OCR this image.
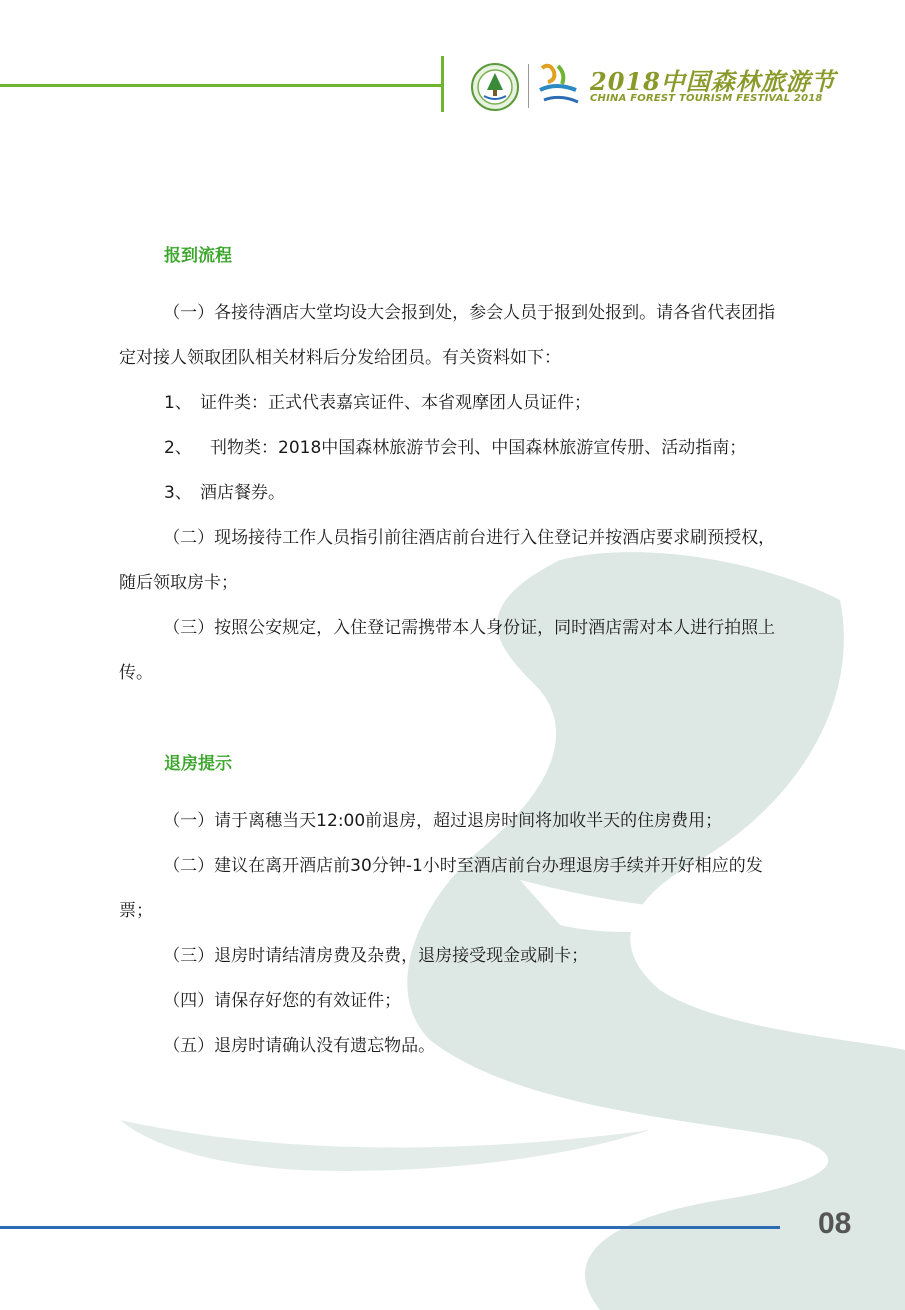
2018中国森林旅游节
CHINA FOREST TOURISM FESTIVAL 2018
报到流程

（一）各接待酒店大堂均设大会报到处，参会人员于报到处报到。请各省代表团指定对接人领取团队相关材料后分发给团员。有关资料如下：

1、 证件类：正式代表嘉宾证件、本省观摩团人员证件；

2、 刊物类：2018中国森林旅游节会刊、中国森林旅游宣传册、活动指南；

3、 酒店餐券。

（二）现场接待工作人员指引前往酒店前台进行入住登记并按酒店要求刷预授权，随后领取房卡；

（三）按照公安规定，入住登记需携带本人身份证，同时酒店需对本人进行拍照上传。

退房提示

（一）请于离穗当天12:00前退房，超过退房时间将加收半天的住房费用；

（二）建议在离开酒店前30分钟-1小时至酒店前台办理退房手续并开好相应的发票；

（三）退房时请结清房费及杂费，退房接受现金或刷卡；

（四）请保存好您的有效证件；

（五）退房时请确认没有遗忘物品。

08
